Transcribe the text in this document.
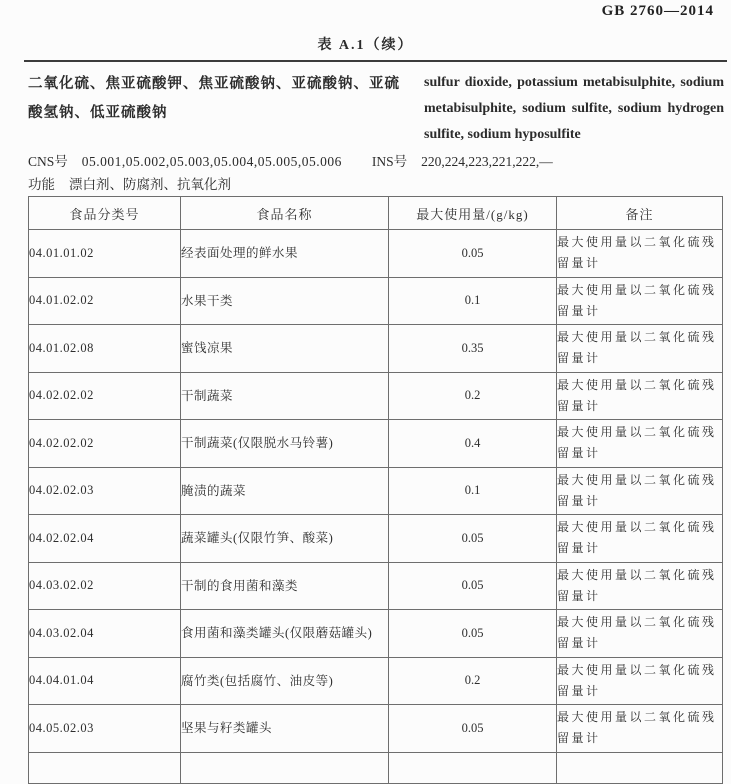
GB 2760—2014
表 A.1（续）
二氧化硫、焦亚硫酸钾、焦亚硫酸钠、亚硫酸钠、亚硫酸氢钠、低亚硫酸钠
sulfur dioxide, potassium metabisulphite, sodium metabisulphite, sodium sulfite, sodium hydrogen sulfite, sodium hyposulfite
CNS号 05.001,05.002,05.003,05.004,05.005,05.006 INS号 220,224,223,221,222,—
功能 漂白剂、防腐剂、抗氧化剂
食品分类号	食品名称	最大使用量/(g/kg)	备注
04.01.01.02	经表面处理的鲜水果	0.05	最大使用量以二氧化硫残留量计
04.01.02.02	水果干类	0.1	最大使用量以二氧化硫残留量计
04.01.02.08	蜜饯凉果	0.35	最大使用量以二氧化硫残留量计
04.02.02.02	干制蔬菜	0.2	最大使用量以二氧化硫残留量计
04.02.02.02	干制蔬菜(仅限脱水马铃薯)	0.4	最大使用量以二氧化硫残留量计
04.02.02.03	腌渍的蔬菜	0.1	最大使用量以二氧化硫残留量计
04.02.02.04	蔬菜罐头(仅限竹笋、酸菜)	0.05	最大使用量以二氧化硫残留量计
04.03.02.02	干制的食用菌和藻类	0.05	最大使用量以二氧化硫残留量计
04.03.02.04	食用菌和藻类罐头(仅限蘑菇罐头)	0.05	最大使用量以二氧化硫残留量计
04.04.01.04	腐竹类(包括腐竹、油皮等)	0.2	最大使用量以二氧化硫残留量计
04.05.02.03	坚果与籽类罐头	0.05	最大使用量以二氧化硫残留量计
